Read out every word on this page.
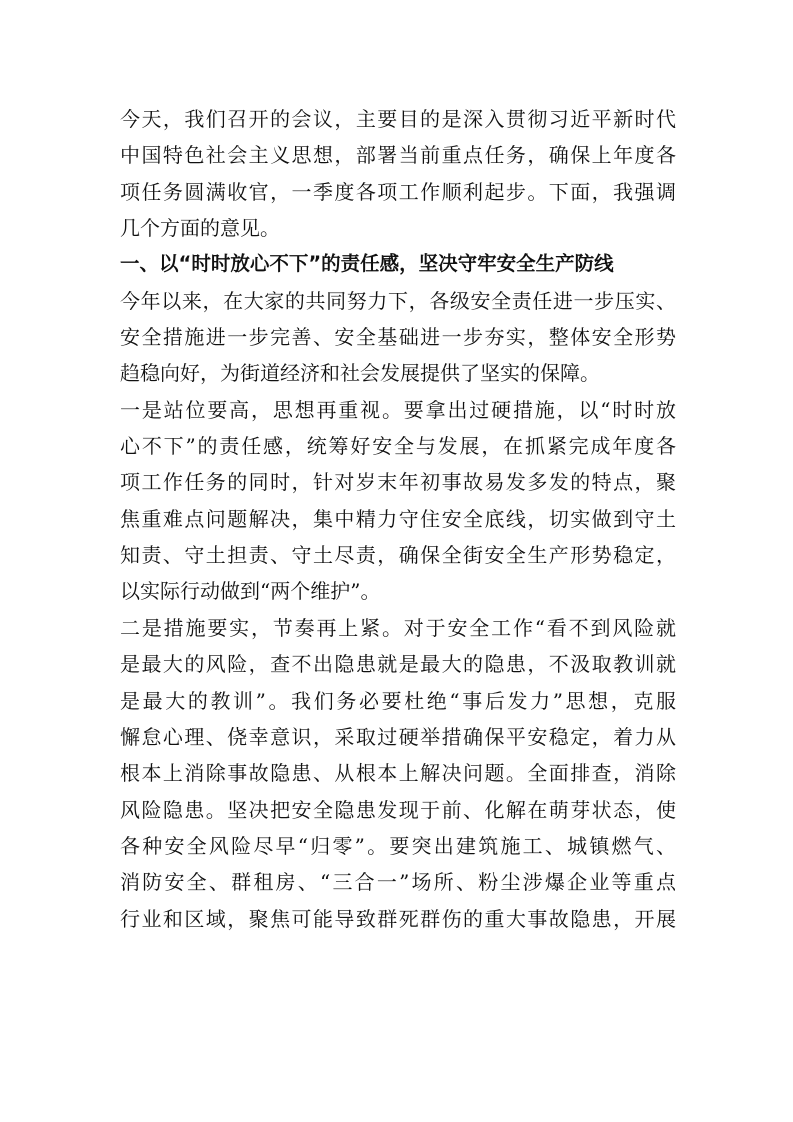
今天，我们召开的会议，主要目的是深入贯彻习近平新时代
中国特色社会主义思想，部署当前重点任务，确保上年度各
项任务圆满收官，一季度各项工作顺利起步。下面，我强调
几个方面的意见。
一、以“时时放心不下”的责任感，坚决守牢安全生产防线
今年以来，在大家的共同努力下，各级安全责任进一步压实、
安全措施进一步完善、安全基础进一步夯实，整体安全形势
趋稳向好，为街道经济和社会发展提供了坚实的保障。
一是站位要高，思想再重视。要拿出过硬措施，以“时时放
心不下”的责任感，统筹好安全与发展，在抓紧完成年度各
项工作任务的同时，针对岁末年初事故易发多发的特点，聚
焦重难点问题解决，集中精力守住安全底线，切实做到守土
知责、守土担责、守土尽责，确保全街安全生产形势稳定，
以实际行动做到“两个维护”。
二是措施要实，节奏再上紧。对于安全工作“看不到风险就
是最大的风险，查不出隐患就是最大的隐患，不汲取教训就
是最大的教训”。我们务必要杜绝“事后发力”思想，克服
懈怠心理、侥幸意识，采取过硬举措确保平安稳定，着力从
根本上消除事故隐患、从根本上解决问题。全面排查，消除
风险隐患。坚决把安全隐患发现于前、化解在萌芽状态，使
各种安全风险尽早“归零”。要突出建筑施工、城镇燃气、
消防安全、群租房、“三合一”场所、粉尘涉爆企业等重点
行业和区域，聚焦可能导致群死群伤的重大事故隐患，开展
